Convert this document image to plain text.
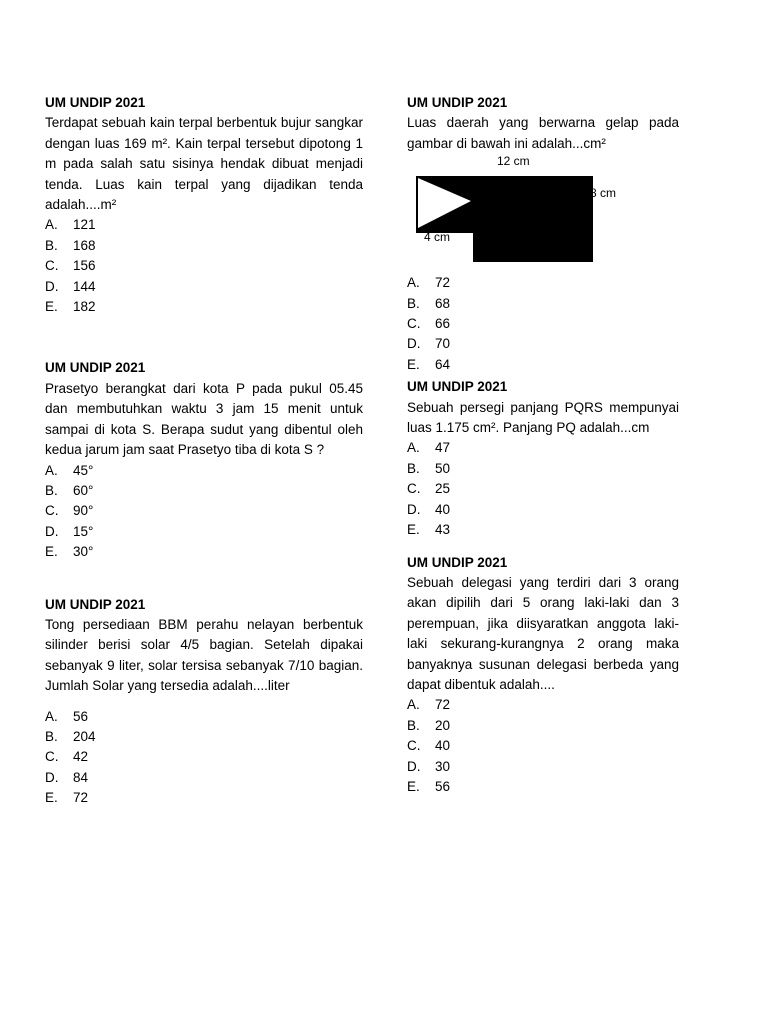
UM UNDIP 2021
Terdapat sebuah kain terpal berbentuk bujur sangkar dengan luas 169 m². Kain terpal tersebut dipotong 1 m pada salah satu sisinya hendak dibuat menjadi tenda. Luas kain terpal yang dijadikan tenda adalah....m²
A.	121
B.	168
C.	156
D.	144
E.	182
UM UNDIP 2021
Prasetyo berangkat dari kota P pada pukul 05.45 dan membutuhkan waktu 3 jam 15 menit untuk sampai di kota S. Berapa sudut yang dibentul oleh kedua jarum jam saat Prasetyo tiba di kota S ?
A.	45°
B.	60°
C.	90°
D.	15°
E.	30°
UM UNDIP 2021
Tong persediaan BBM perahu nelayan berbentuk silinder berisi solar 4/5 bagian. Setelah dipakai sebanyak 9 liter, solar tersisa sebanyak 7/10 bagian. Jumlah Solar yang tersedia adalah....liter
A.	56
B.	204
C.	42
D.	84
E.	72
UM UNDIP 2021
Luas daerah yang berwarna gelap pada gambar di bawah ini adalah...cm²
12 cm
8 cm
4 cm
A.	72
B.	68
C.	66
D.	70
E.	64
UM UNDIP 2021
Sebuah persegi panjang PQRS mempunyai luas 1.175 cm². Panjang PQ adalah...cm
A.	47
B.	50
C.	25
D.	40
E.	43
UM UNDIP 2021
Sebuah delegasi yang terdiri dari 3 orang akan dipilih dari 5 orang laki-laki dan 3 perempuan, jika diisyaratkan anggota laki-laki sekurang-kurangnya 2 orang maka banyaknya susunan delegasi berbeda yang dapat dibentuk adalah....
A.	72
B.	20
C.	40
D.	30
E.	56
